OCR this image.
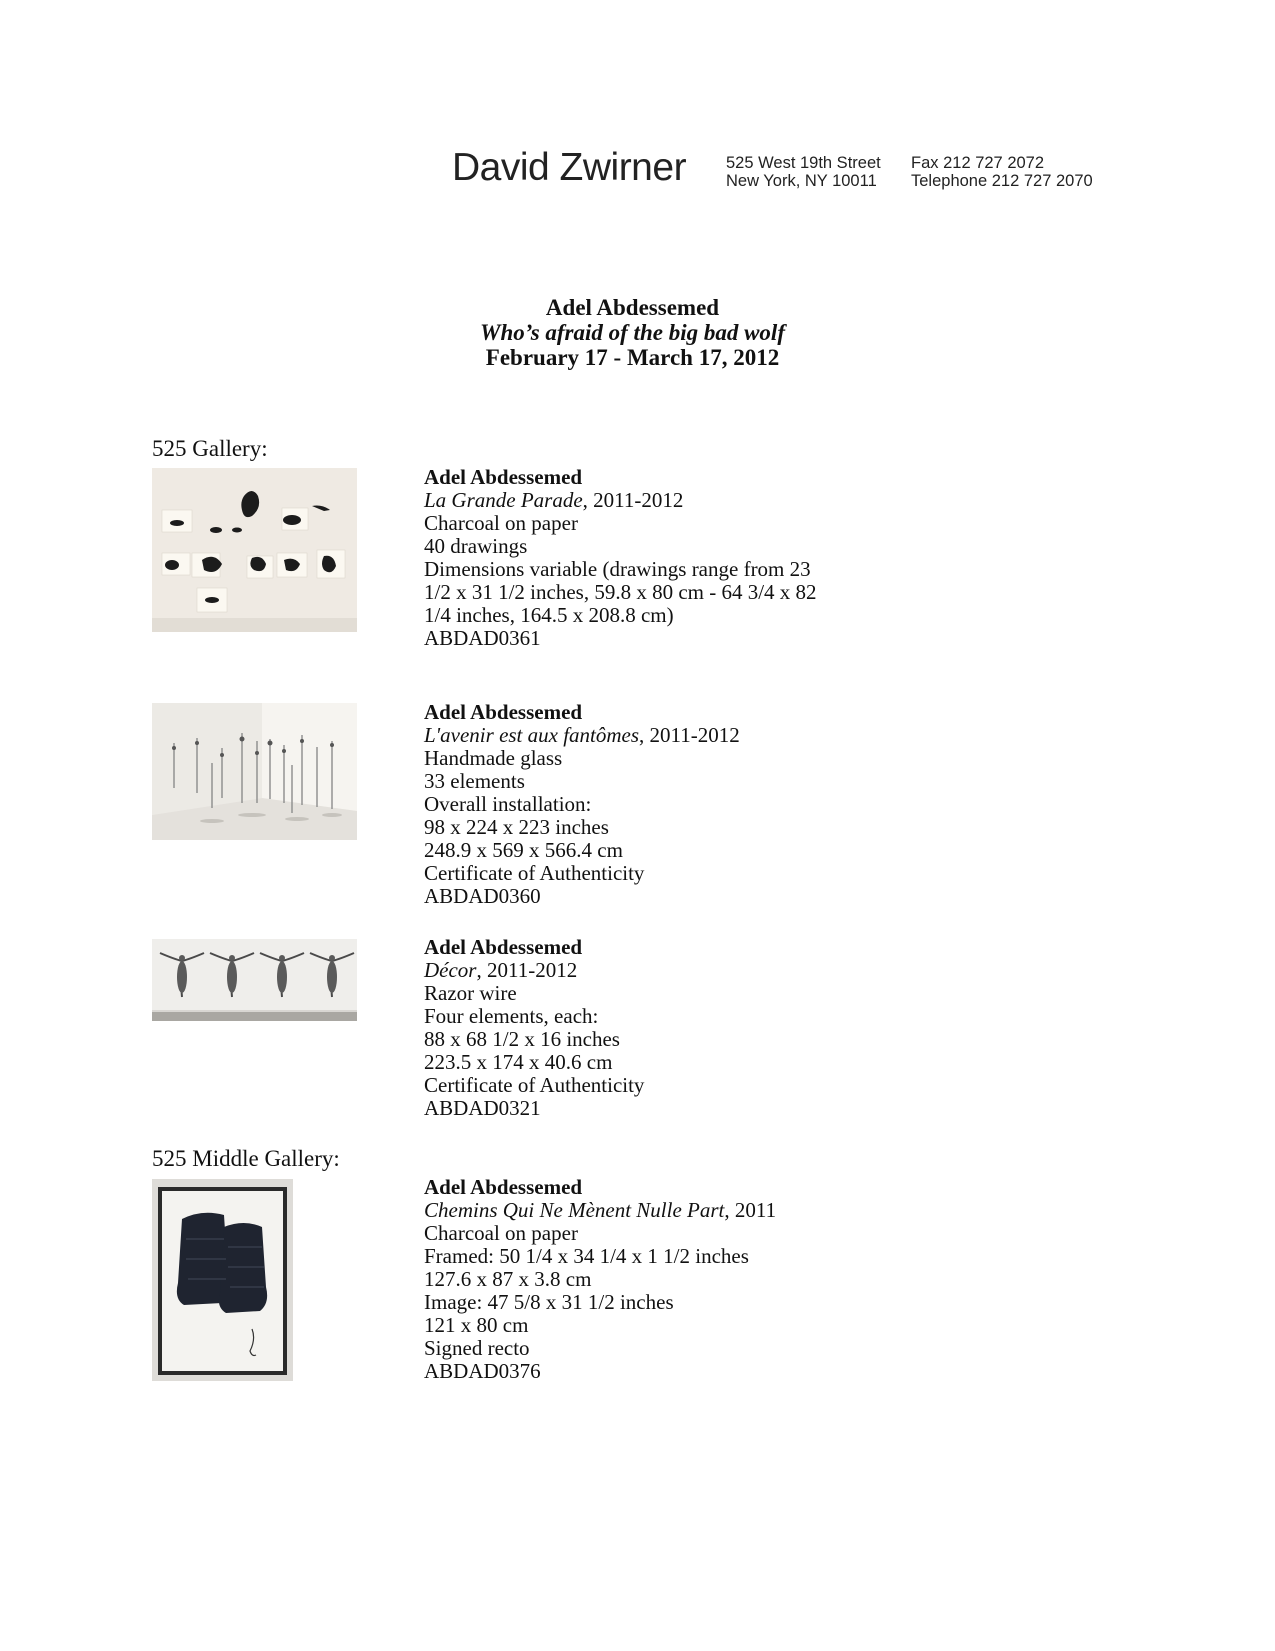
David Zwirner 525 West 19th Street
New York, NY 10011
Fax 212 727 2072
Telephone 212 727 2070
Adel Abdessemed
Who’s afraid of the big bad wolf
February 17 - March 17, 2012
525 Gallery:
Adel Abdessemed
La Grande Parade, 2011-2012
Charcoal on paper
40 drawings
Dimensions variable (drawings range from 23 1/2 x 31 1/2 inches, 59.8 x 80 cm - 64 3/4 x 82 1/4 inches, 164.5 x 208.8 cm)
ABDAD0361
Adel Abdessemed
L'avenir est aux fantômes, 2011-2012
Handmade glass
33 elements
Overall installation:
98 x 224 x 223 inches
248.9 x 569 x 566.4 cm
Certificate of Authenticity
ABDAD0360
Adel Abdessemed
Décor, 2011-2012
Razor wire
Four elements, each:
88 x 68 1/2 x 16 inches
223.5 x 174 x 40.6 cm
Certificate of Authenticity
ABDAD0321
525 Middle Gallery:
Adel Abdessemed
Chemins Qui Ne Mènent Nulle Part, 2011
Charcoal on paper
Framed: 50 1/4 x 34 1/4 x 1 1/2 inches
127.6 x 87 x 3.8 cm
Image: 47 5/8 x 31 1/2 inches
121 x 80 cm
Signed recto
ABDAD0376
